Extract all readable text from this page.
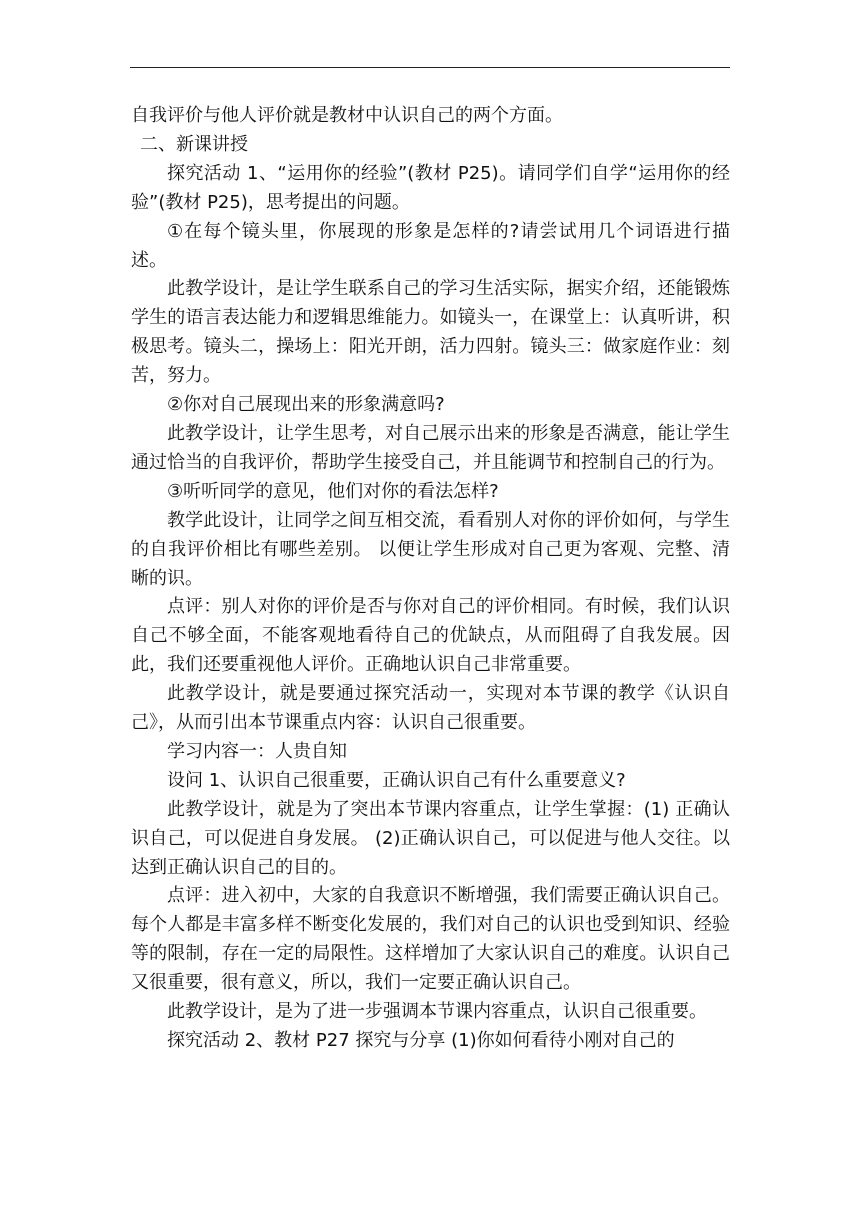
自我评价与他人评价就是教材中认识自己的两个方面。

二、新课讲授

探究活动 1、“运用你的经验”(教材 P25)。请同学们自学“运用你的经验”(教材 P25)，思考提出的问题。

①在每个镜头里，你展现的形象是怎样的?请尝试用几个词语进行描述。

此教学设计，是让学生联系自己的学习生活实际，据实介绍，还能锻炼学生的语言表达能力和逻辑思维能力。如镜头一，在课堂上：认真听讲，积极思考。镜头二，操场上：阳光开朗，活力四射。镜头三：做家庭作业：刻苦，努力。

②你对自己展现出来的形象满意吗?

此教学设计，让学生思考，对自己展示出来的形象是否满意，能让学生通过恰当的自我评价，帮助学生接受自己，并且能调节和控制自己的行为。

③听听同学的意见，他们对你的看法怎样?

教学此设计，让同学之间互相交流，看看别人对你的评价如何，与学生的自我评价相比有哪些差别。 以便让学生形成对自己更为客观、完整、清晰的识。

点评：别人对你的评价是否与你对自己的评价相同。有时候，我们认识自己不够全面，不能客观地看待自己的优缺点，从而阻碍了自我发展。因此，我们还要重视他人评价。正确地认识自己非常重要。

此教学设计，就是要通过探究活动一，实现对本节课的教学《认识自己》，从而引出本节课重点内容：认识自己很重要。

学习内容一：人贵自知

设问 1、认识自己很重要，正确认识自己有什么重要意义?

此教学设计，就是为了突出本节课内容重点，让学生掌握：(1) 正确认识自己，可以促进自身发展。 (2)正确认识自己，可以促进与他人交往。以达到正确认识自己的目的。

点评：进入初中，大家的自我意识不断增强，我们需要正确认识自己。每个人都是丰富多样不断变化发展的，我们对自己的认识也受到知识、经验等的限制，存在一定的局限性。这样增加了大家认识自己的难度。认识自己又很重要，很有意义，所以，我们一定要正确认识自己。

此教学设计，是为了进一步强调本节课内容重点，认识自己很重要。

探究活动 2、教材 P27 探究与分享 (1)你如何看待小刚对自己的
